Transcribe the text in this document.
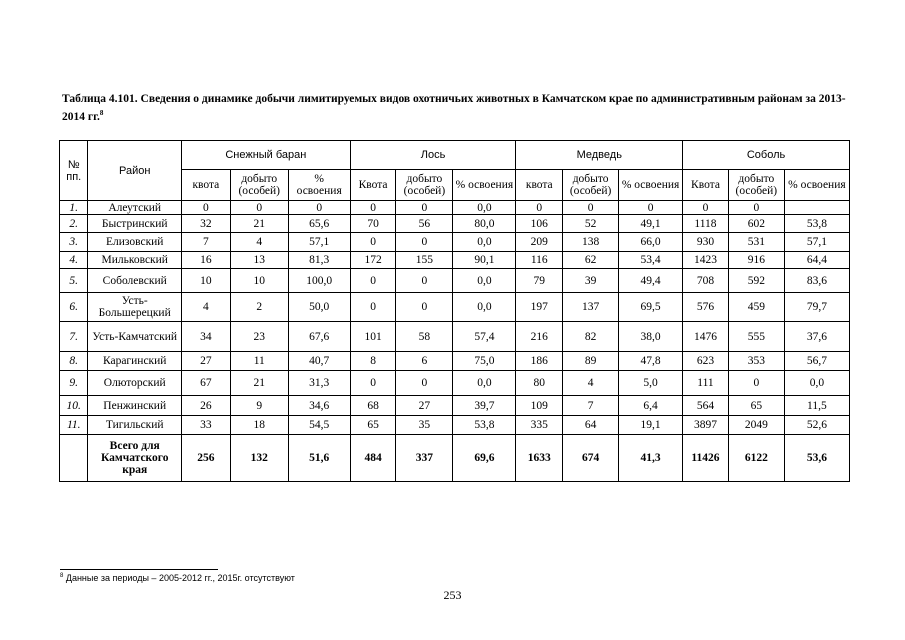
Таблица 4.101. Сведения о динамике добычи лимитируемых видов охотничьих животных в Камчатском крае по административным районам за 2013-2014 гг.$^8$
№ пп.	Район	Снежный баран			Лось			Медведь			Соболь		
		квота	добыто (особей)	% освоения	Квота	добыто (особей)	% освоения	квота	добыто (особей)	% освоения	Квота	добыто (особей)	% освоения
1.	Алеутский	0	0	0	0	0	0,0	0	0	0	0	0	
2.	Быстринский	32	21	65,6	70	56	80,0	106	52	49,1	1118	602	53,8
3.	Елизовский	7	4	57,1	0	0	0,0	209	138	66,0	930	531	57,1
4.	Мильковский	16	13	81,3	172	155	90,1	116	62	53,4	1423	916	64,4
5.	Соболевский	10	10	100,0	0	0	0,0	79	39	49,4	708	592	83,6
6.	Усть-Большерецкий	4	2	50,0	0	0	0,0	197	137	69,5	576	459	79,7
7.	Усть-Камчатский	34	23	67,6	101	58	57,4	216	82	38,0	1476	555	37,6
8.	Карагинский	27	11	40,7	8	6	75,0	186	89	47,8	623	353	56,7
9.	Олюторский	67	21	31,3	0	0	0,0	80	4	5,0	111	0	0,0
10.	Пенжинский	26	9	34,6	68	27	39,7	109	7	6,4	564	65	11,5
11.	Тигильский	33	18	54,5	65	35	53,8	335	64	19,1	3897	2049	52,6
	Всего для Камчатского края	256	132	51,6	484	337	69,6	1633	674	41,3	11426	6122	53,6
$^8$ Данные за периоды – 2005-2012 гг., 2015г. отсутствуют
253
